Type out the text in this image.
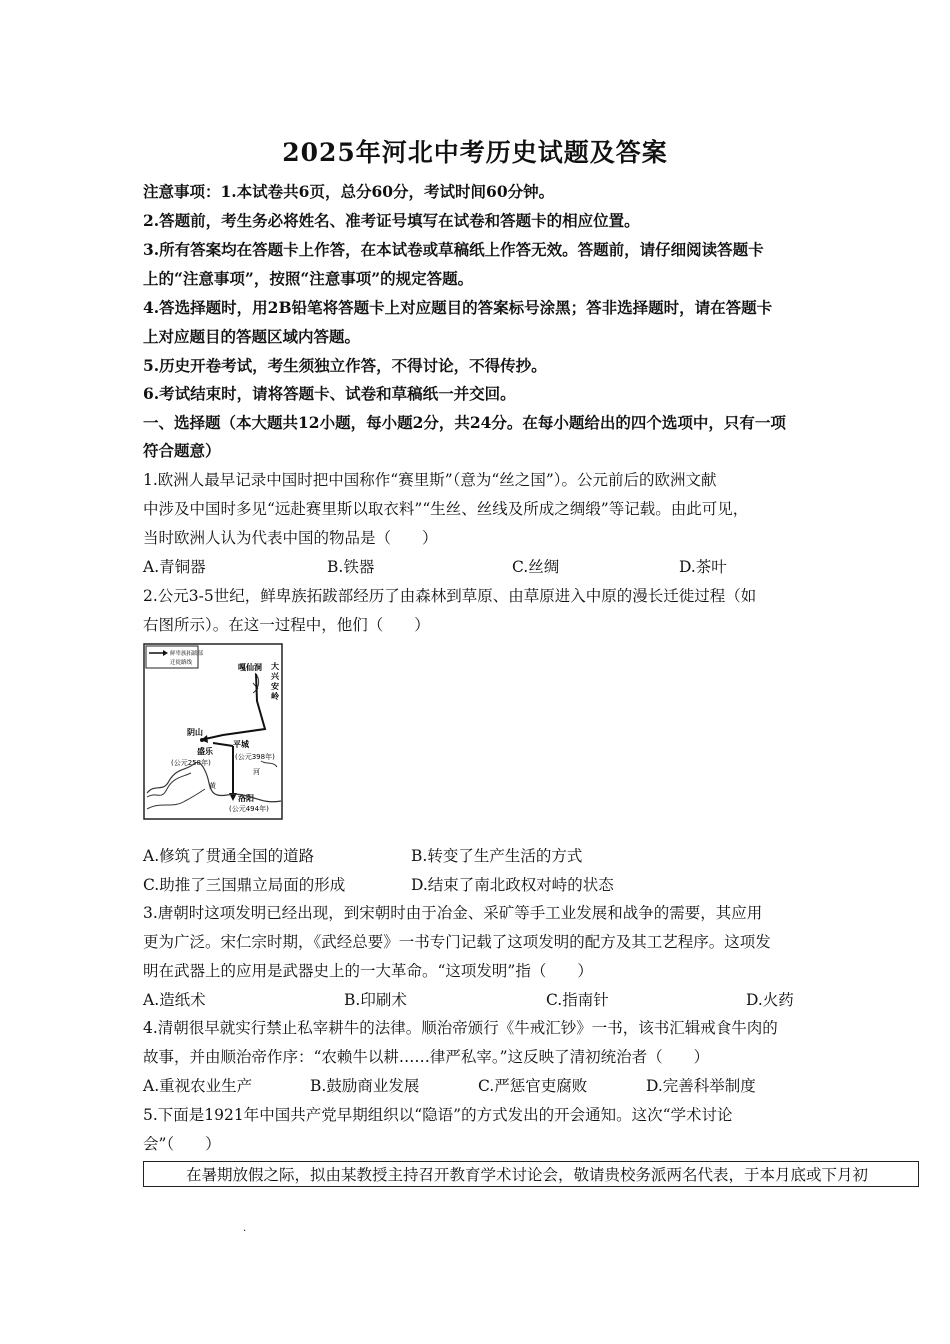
2025年河北中考历史试题及答案
注意事项：1.本试卷共6页，总分60分，考试时间60分钟。
2.答题前，考生务必将姓名、准考证号填写在试卷和答题卡的相应位置。
3.所有答案均在答题卡上作答，在本试卷或草稿纸上作答无效。答题前，请仔细阅读答题卡
上的“注意事项”，按照“注意事项”的规定答题。
4.答选择题时，用2B铅笔将答题卡上对应题目的答案标号涂黑；答非选择题时，请在答题卡
上对应题目的答题区域内答题。
5.历史开卷考试，考生须独立作答，不得讨论，不得传抄。
6.考试结束时，请将答题卡、试卷和草稿纸一并交回。
一、选择题（本大题共12小题，每小题2分，共24分。在每小题给出的四个选项中，只有一项
符合题意）
1.欧洲人最早记录中国时把中国称作“赛里斯”（意为“丝之国”）。公元前后的欧洲文献
中涉及中国时多见“远赴赛里斯以取衣料”“生丝、丝线及所成之绸缎”等记载。由此可见，
当时欧洲人认为代表中国的物品是（　　）
A.青铜器	B.铁器	C.丝绸	D.茶叶
2.公元3-5世纪，鲜卑族拓跋部经历了由森林到草原、由草原进入中原的漫长迁徙过程（如
右图所示）。在这一过程中，他们（　　）
鲜卑族拓跋部
迁徙路线	嘎仙洞 大
兴
安
岭
阴山
盛乐
(公元258年)
平城
(公元398年)
洛阳
(公元494年)
黄
河
A.修筑了贯通全国的道路	B.转变了生产生活的方式
C.助推了三国鼎立局面的形成	D.结束了南北政权对峙的状态
3.唐朝时这项发明已经出现，到宋朝时由于冶金、采矿等手工业发展和战争的需要，其应用
更为广泛。宋仁宗时期，《武经总要》一书专门记载了这项发明的配方及其工艺程序。这项发
明在武器上的应用是武器史上的一大革命。“这项发明”指（　　）
A.造纸术	B.印刷术	C.指南针	D.火药
4.清朝很早就实行禁止私宰耕牛的法律。顺治帝颁行《牛戒汇钞》一书，该书汇辑戒食牛肉的
故事，并由顺治帝作序：“农赖牛以耕……律严私宰。”这反映了清初统治者（　　）
A.重视农业生产	B.鼓励商业发展	C.严惩官吏腐败	D.完善科举制度
5.下面是1921年中国共产党早期组织以“隐语”的方式发出的开会通知。这次“学术讨论
会”（　　）
在暑期放假之际，拟由某教授主持召开教育学术讨论会，敬请贵校务派两名代表，于本月底或下月初
.
